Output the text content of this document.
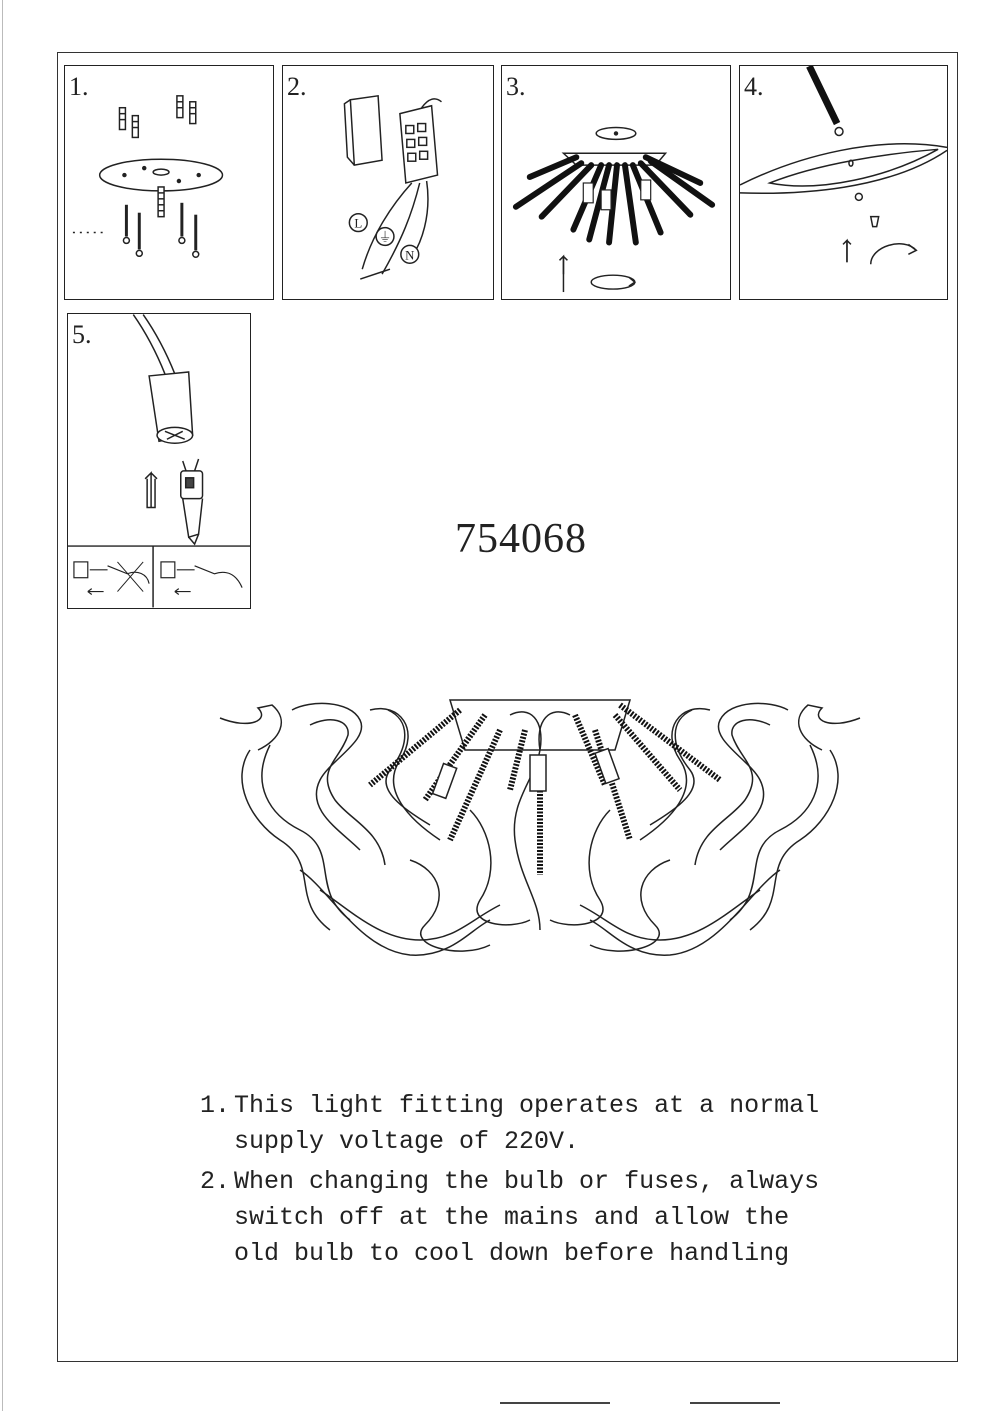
1.	2.
L
⏚
N
3.	4.
5.
754068
1. This light fitting operates at a normal
supply voltage of 220V.
2. When changing the bulb or fuses, always
switch off at the mains and allow the
old bulb to cool down before handling
